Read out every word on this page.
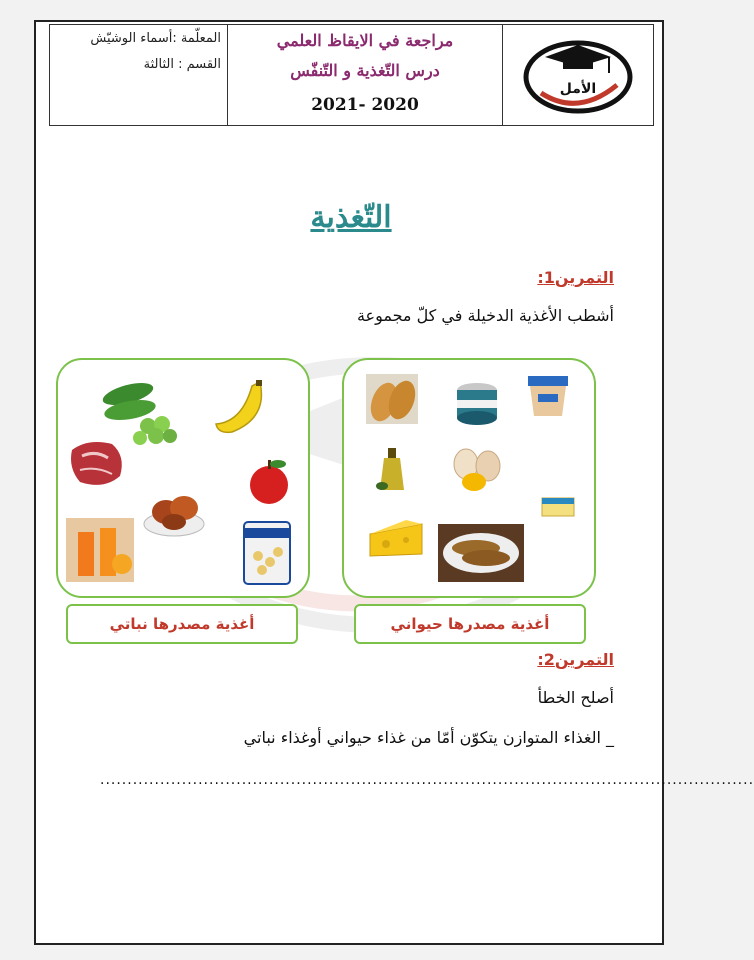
المعلّمة :أسماء الوشيّش
القسم : الثالثة
مراجعة في الايقاظ العلمي
درس التّغذية و التّنفّس
2021- 2020
الأمل
التّغذية
التمرين1:
أشطب الأغذية الدخيلة في كلّ مجموعة
أغذية مصدرها نباتي	أغذية مصدرها حيواني
التمرين2:
أصلح الخطأ
_ الغذاء المتوازن يتكوّن أمّا من غذاء حيواني أوغذاء نباتي
........................................................................................................................
